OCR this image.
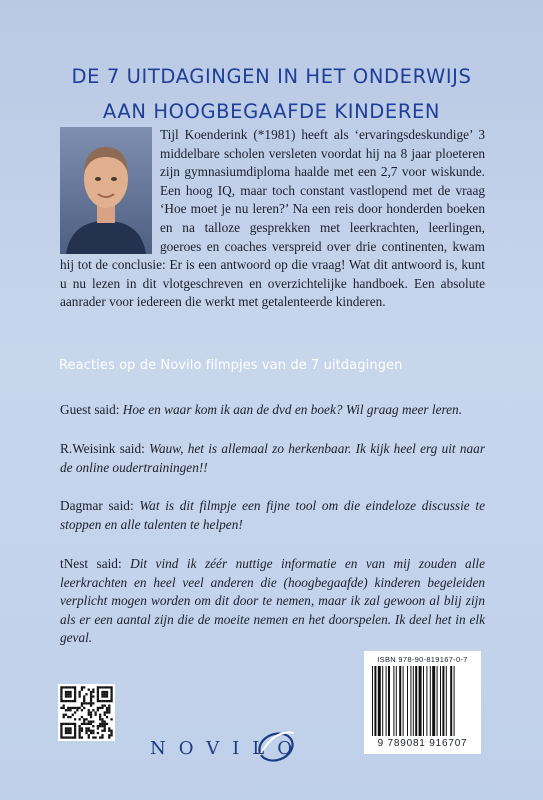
DE 7 UITDAGINGEN IN HET ONDERWIJS
AAN HOOGBEGAAFDE KINDEREN

Tijl Koenderink (*1981) heeft als ‘ervaringsdeskundige’ 3 middelbare scholen versleten voordat hij na 8 jaar ploeteren zijn gymnasiumdiploma haalde met een 2,7 voor wiskunde. Een hoog IQ, maar toch constant vastlopend met de vraag ‘Hoe moet je nu leren?’ Na een reis door honderden boeken en na talloze gesprekken met leerkrachten, leerlingen, goeroes en coaches verspreid over drie continenten, kwam hij tot de conclusie: Er is een antwoord op die vraag! Wat dit antwoord is, kunt u nu lezen in dit vlotgeschreven en overzichtelijke handboek. Een absolute aanrader voor iedereen die werkt met getalenteerde kinderen.

Reacties op de Novilo filmpjes van de 7 uitdagingen

Guest said: Hoe en waar kom ik aan de dvd en boek? Wil graag meer leren.

R.Weisink said: Wauw, het is allemaal zo herkenbaar. Ik kijk heel erg uit naar de online oudertrainingen!!

Dagmar said: Wat is dit filmpje een fijne tool om die eindeloze discussie te stoppen en alle talenten te helpen!

tNest said: Dit vind ik zéér nuttige informatie en van mij zouden alle leerkrachten en heel veel anderen die (hoogbegaafde) kinderen begeleiden verplicht mogen worden om dit door te nemen, maar ik zal gewoon al blij zijn als er een aantal zijn die de moeite nemen en het doorspelen. Ik deel het in elk geval.

NOVILO
ISBN 978-90-819167-0-7
9 789081 916707
